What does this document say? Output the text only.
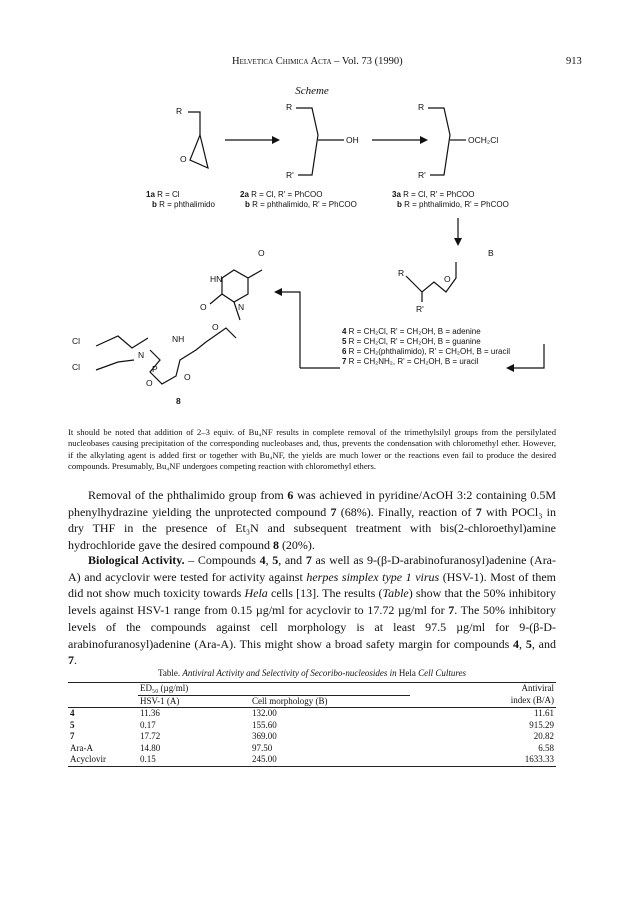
Helvetica Chimica Acta – Vol. 73 (1990)	913
Scheme
R
O
R
OH
R'
R
OCH₂Cl
R'
B
R
O
R'
O
HN
O	N
O
NH
N
P
O
O
Cl
Cl
8
1a R = Cl
b R = phthalimido
2a R = Cl, R' = PhCOO
b R = phthalimido, R' = PhCOO
3a R = Cl, R' = PhCOO
b R = phthalimido, R' = PhCOO
4 R = CH₂Cl, R' = CH₂OH, B = adenine
5 R = CH₂Cl, R' = CH₂OH, B = guanine
6 R = CH₂(phthalimido), R' = CH₂OH, B = uracil
7 R = CH₂NH₂, R' = CH₂OH, B = uracil
It should be noted that addition of 2–3 equiv. of Bu₄NF results in complete removal of the trimethylsilyl groups from the persilylated nucleobases causing precipitation of the corresponding nucleobases and, thus, prevents the condensation with chloromethyl ether. However, if the alkylating agent is added first or together with Bu₄NF, the yields are much lower or the reactions even fail to produce the desired compounds. Presumably, Bu₄NF undergoes competing reaction with chloromethyl ethers.
Removal of the phthalimido group from 6 was achieved in pyridine/AcOH 3:2 containing 0.5M phenylhydrazine yielding the unprotected compound 7 (68%). Finally, reaction of 7 with POCl₃ in dry THF in the presence of Et₃N and subsequent treatment with bis(2-chloroethyl)amine hydrochloride gave the desired compound 8 (20%).
Biological Activity. – Compounds 4, 5, and 7 as well as 9-(β-D-arabinofuranosyl)adenine (Ara-A) and acyclovir were tested for activity against herpes simplex type 1 virus (HSV-1). Most of them did not show much toxicity towards Hela cells [13]. The results (Table) show that the 50% inhibitory levels against HSV-1 range from 0.15 µg/ml for acyclovir to 17.72 µg/ml for 7. The 50% inhibitory levels of the compounds against cell morphology is at least 97.5 µg/ml for 9-(β-D-arabinofuranosyl)adenine (Ara-A). This might show a broad safety margin for compounds 4, 5, and 7.
Table. Antiviral Activity and Selectivity of Secoribo-nucleosides in Hela Cell Cultures
	ED₅₀ (µg/ml)		Antiviral
	HSV-1 (A)	Cell morphology (B)	index (B/A)
4	11.36	132.00	11.61
5	0.17	155.60	915.29
7	17.72	369.00	20.82
Ara-A	14.80	97.50	6.58
Acyclovir	0.15	245.00	1633.33
